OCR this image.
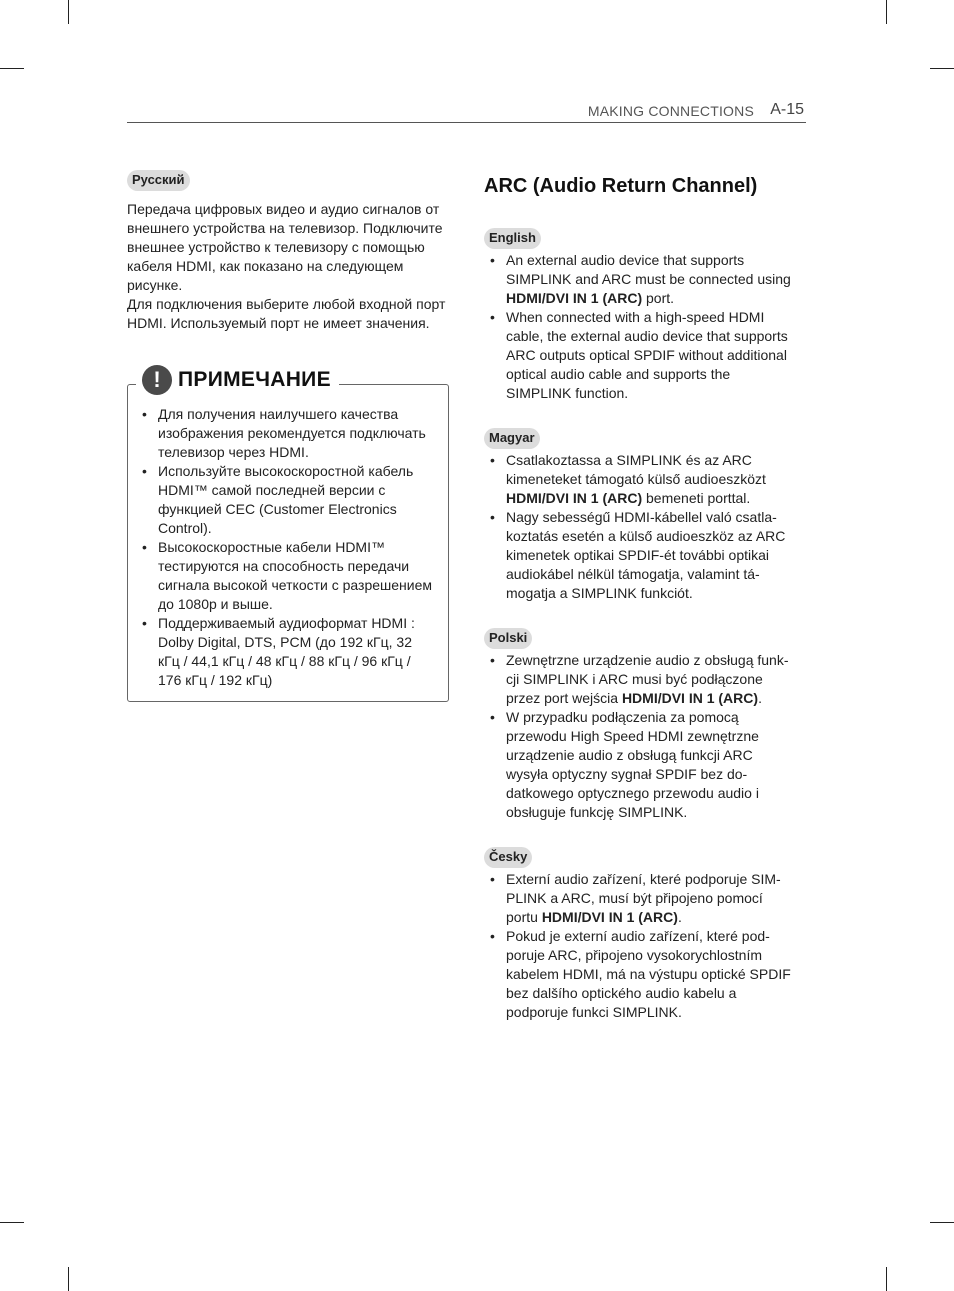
MAKING CONNECTIONS A-15
Русский

Передача цифровых видео и аудио сигналов от внешнего устройства на телевизор. Подключите внешнее устройство к телевизору с помощью кабеля HDMI, как показано на следующем рисунке.

Для подключения выберите любой входной порт HDMI. Используемый порт не имеет значения.

! ПРИМЕЧАНИЕ
• Для получения наилучшего качества изображения рекомендуется подключать телевизор через HDMI.
• Используйте высокоскоростной кабель HDMI™ самой последней версии с функцией CEC (Customer Electronics Control).
• Высокоскоростные кабели HDMI™ тестируются на способность передачи сигнала высокой четкости с разрешением до 1080p и выше.
• Поддерживаемый аудиоформат HDMI : Dolby Digital, DTS, PCM (до 192 кГц, 32 кГц / 44,1 кГц / 48 кГц / 88 кГц / 96 кГц / 176 кГц / 192 кГц)
ARC (Audio Return Channel)
English
• An external audio device that supports SIMPLINK and ARC must be connected using HDMI/DVI IN 1 (ARC) port.
• When connected with a high-speed HDMI cable, the external audio device that supports ARC outputs optical SPDIF without additional optical audio cable and supports the SIMPLINK function.
Magyar
• Csatlakoztassa a SIMPLINK és az ARC kimeneteket támogató külső audioeszközt HDMI/DVI IN 1 (ARC) bemeneti porttal.
• Nagy sebességű HDMI-kábellel való csatla-koztatás esetén a külső audioeszköz az ARC kimenetek optikai SPDIF-ét további optikai audiokábel nélkül támogatja, valamint tá-mogatja a SIMPLINK funkciót.
Polski
• Zewnętrzne urządzenie audio z obsługą funk-cji SIMPLINK i ARC musi być podłączone przez port wejścia HDMI/DVI IN 1 (ARC).
• W przypadku podłączenia za pomocą przewodu High Speed HDMI zewnętrzne urządzenie audio z obsługą funkcji ARC wysyła optyczny sygnał SPDIF bez do-datkowego optycznego przewodu audio i obsługuje funkcję SIMPLINK.
Česky
• Externí audio zařízení, které podporuje SIM-PLINK a ARC, musí být připojeno pomocí portu HDMI/DVI IN 1 (ARC).
• Pokud je externí audio zařízení, které pod-poruje ARC, připojeno vysokorychlostním kabelem HDMI, má na výstupu optické SPDIF bez dalšího optického audio kabelu a podporuje funkci SIMPLINK.
